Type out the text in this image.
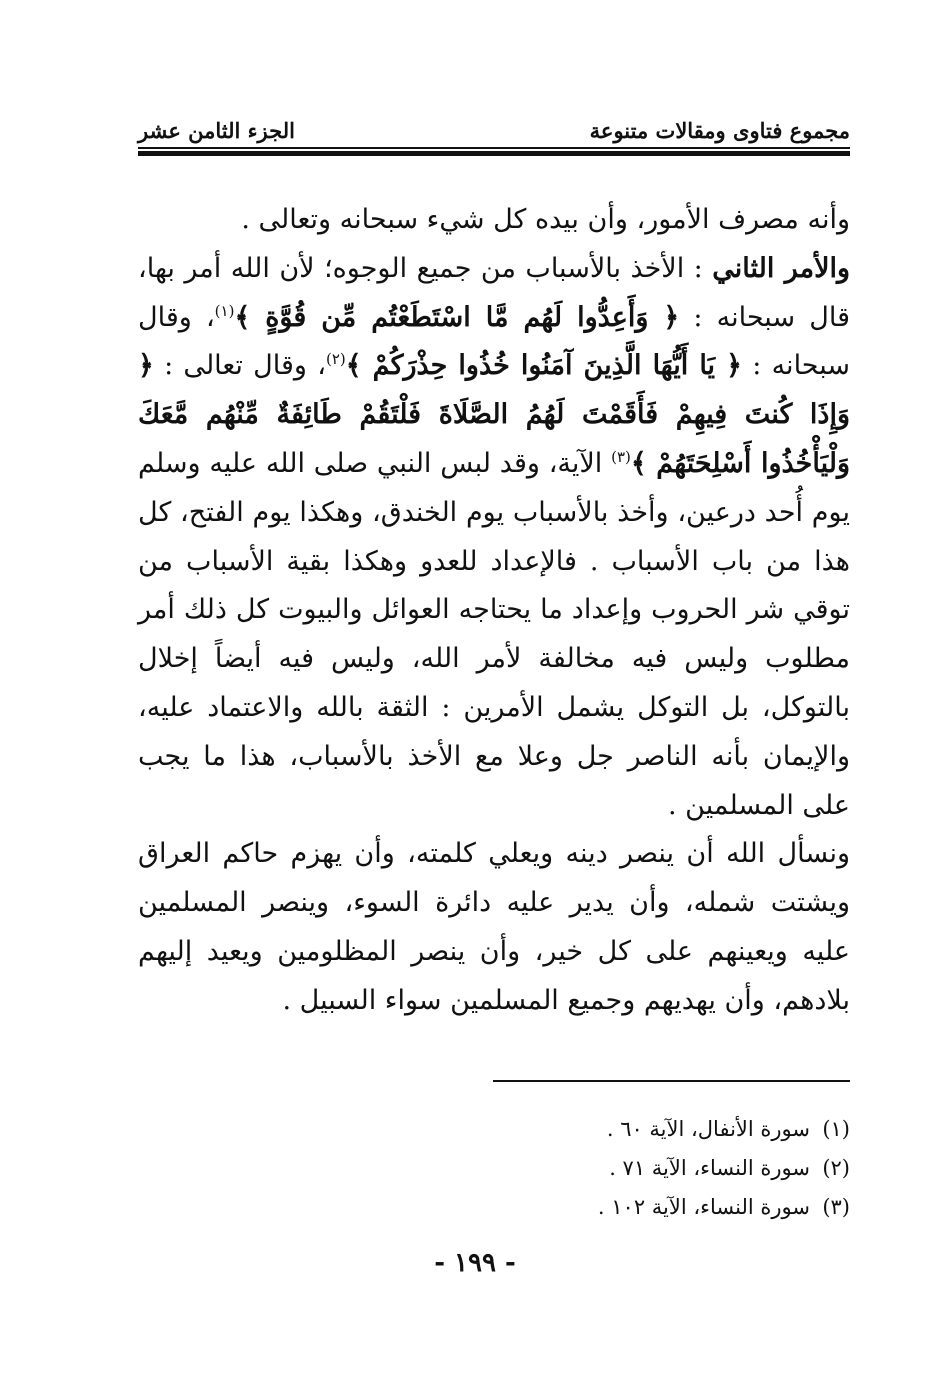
مجموع فتاوى ومقالات متنوعة
الجزء الثامن عشر

وأنه مصرف الأمور، وأن بيده كل شيء سبحانه وتعالى .

والأمر الثاني : الأخذ بالأسباب من جميع الوجوه؛ لأن الله أمر بها، قال سبحانه : ﴿ وَأَعِدُّوا لَهُم مَّا اسْتَطَعْتُم مِّن قُوَّةٍ ﴾$^{(١)}$، وقال سبحانه : ﴿ يَا أَيُّهَا الَّذِينَ آمَنُوا خُذُوا حِذْرَكُمْ ﴾$^{(٢)}$، وقال تعالى : ﴿ وَإِذَا كُنتَ فِيهِمْ فَأَقَمْتَ لَهُمُ الصَّلَاةَ فَلْتَقُمْ طَائِفَةٌ مِّنْهُم مَّعَكَ وَلْيَأْخُذُوا أَسْلِحَتَهُمْ ﴾$^{(٣)}$ الآية، وقد لبس النبي صلى الله عليه وسلم يوم أُحد درعين، وأخذ بالأسباب يوم الخندق، وهكذا يوم الفتح، كل هذا من باب الأسباب . فالإعداد للعدو وهكذا بقية الأسباب من توقي شر الحروب وإعداد ما يحتاجه العوائل والبيوت كل ذلك أمر مطلوب وليس فيه مخالفة لأمر الله، وليس فيه أيضاً إخلال بالتوكل، بل التوكل يشمل الأمرين : الثقة بالله والاعتماد عليه، والإيمان بأنه الناصر جل وعلا مع الأخذ بالأسباب، هذا ما يجب على المسلمين .

ونسأل الله أن ينصر دينه ويعلي كلمته، وأن يهزم حاكم العراق ويشتت شمله، وأن يدير عليه دائرة السوء، وينصر المسلمين عليه ويعينهم على كل خير، وأن ينصر المظلومين ويعيد إليهم بلادهم، وأن يهديهم وجميع المسلمين سواء السبيل .

(١)سورة الأنفال، الآية ٦٠ .
(٢)سورة النساء، الآية ٧١ .
(٣)سورة النساء، الآية ١٠٢ .
- ١٩٩ -
